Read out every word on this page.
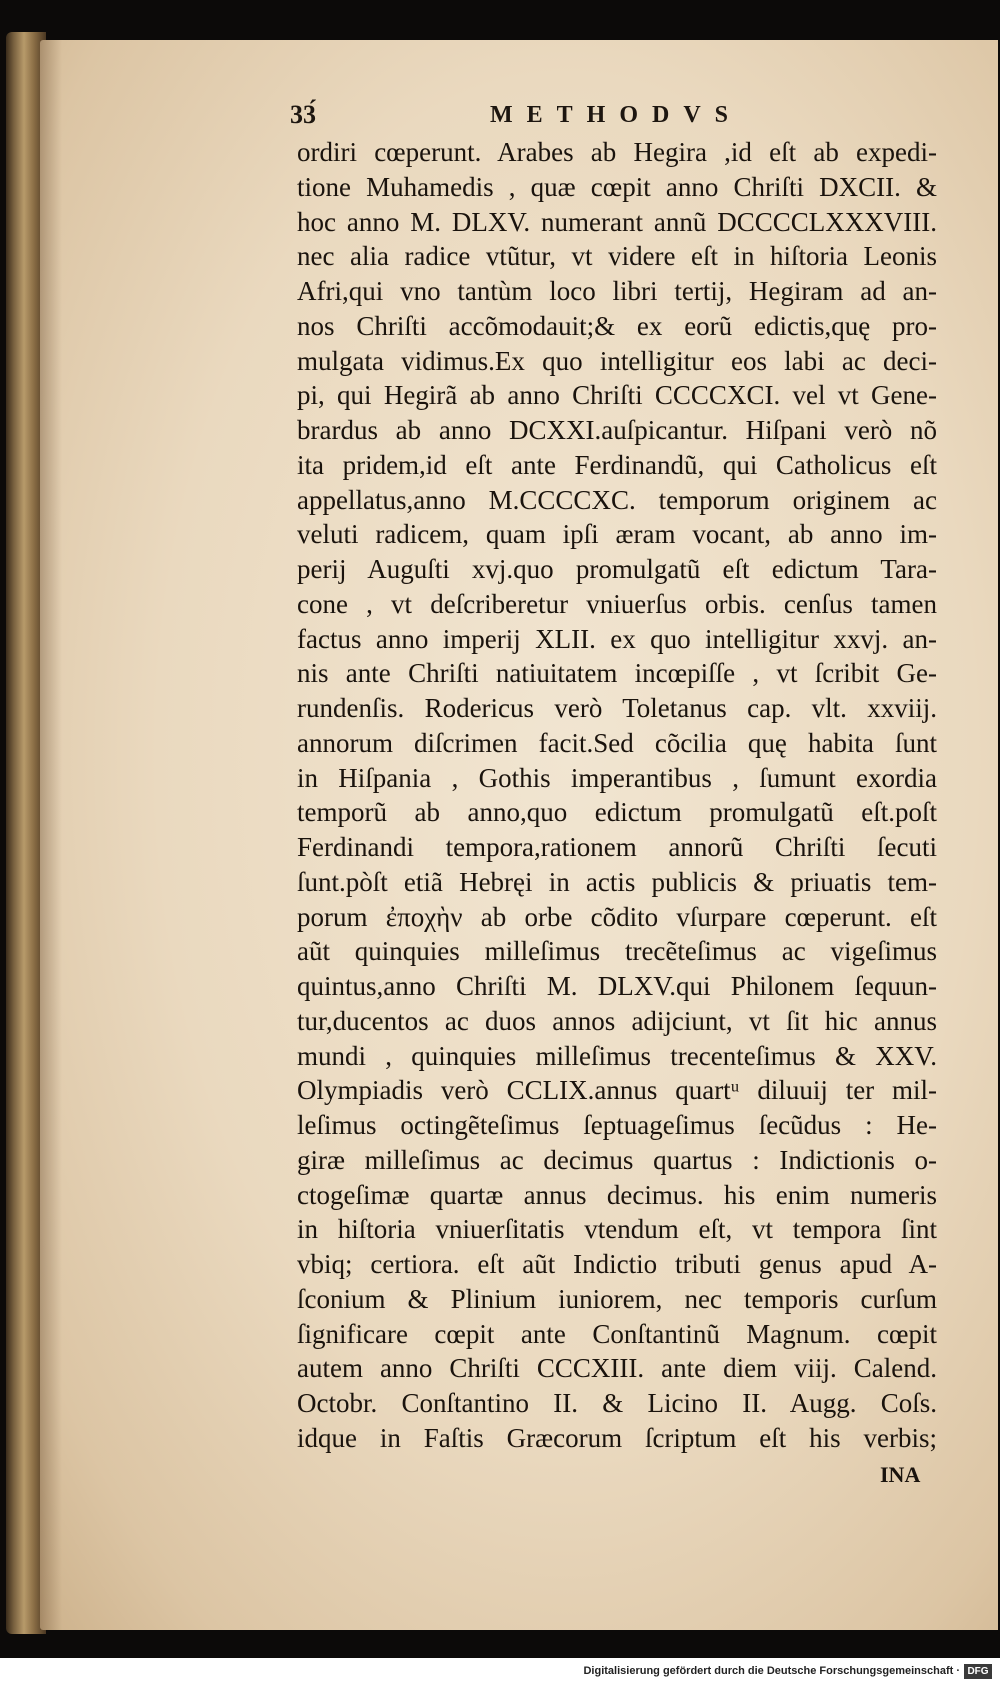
33́	METHODVS
ordiri cœperunt. Arabes ab Hegira ,id eſt ab expedi-
tione Muhamedis , quæ cœpit anno Chriſti DXCII. &
hoc anno M. DLXV. numerant annũ DCCCCLXXXVIII.
nec alia radice vtũtur, vt videre eſt in hiſtoria Leonis
Afri,qui vno tantùm loco libri tertij, Hegiram ad an-
nos Chriſti accõmodauit;& ex eorũ edictis,quę pro-
mulgata vidimus.Ex quo intelligitur eos labi ac deci-
pi, qui Hegirã ab anno Chriſti CCCCXCI. vel vt Gene-
brardus ab anno DCXXI.auſpicantur. Hiſpani verò nõ
ita pridem,id eſt ante Ferdinandũ, qui Catholicus eſt
appellatus,anno M.CCCCXC. temporum originem ac
veluti radicem, quam ipſi æram vocant, ab anno im-
perij Auguſti xvj.quo promulgatũ eſt edictum Tara-
cone , vt deſcriberetur vniuerſus orbis. cenſus tamen
factus anno imperij XLII. ex quo intelligitur xxvj. an-
nis ante Chriſti natiuitatem incœpiſſe , vt ſcribit Ge-
rundenſis. Rodericus verò Toletanus cap. vlt. xxviij.
annorum diſcrimen facit.Sed cõcilia quę habita ſunt
in Hiſpania , Gothis imperantibus , ſumunt exordia
temporũ ab anno,quo edictum promulgatũ eſt.poſt
Ferdinandi tempora,rationem annorũ Chriſti ſecuti
ſunt.pòſt etiã Hebręi in actis publicis & priuatis tem-
porum ἐποχὴν ab orbe cõdito vſurpare cœperunt. eſt
aũt quinquies milleſimus trecẽteſimus ac vigeſimus
quintus,anno Chriſti M. DLXV.qui Philonem ſequun-
tur,ducentos ac duos annos adijciunt, vt ſit hic annus
mundi , quinquies milleſimus trecenteſimus & XXV.
Olympiadis verò CCLIX.annus quartᵘ diluuij ter mil-
leſimus octingẽteſimus ſeptuageſimus ſecũdus : He-
giræ milleſimus ac decimus quartus : Indictionis o-
ctogeſimæ quartæ annus decimus. his enim numeris
in hiſtoria vniuerſitatis vtendum eſt, vt tempora ſint
vbiq; certiora. eſt aũt Indictio tributi genus apud A-
ſconium & Plinium iuniorem, nec temporis curſum
ſignificare cœpit ante Conſtantinũ Magnum. cœpit
autem anno Chriſti CCCXIII. ante diem viij. Calend.
Octobr. Conſtantino II. & Licino II. Augg. Coſs.
idque in Faſtis Græcorum ſcriptum eſt his verbis;
INA
Digitalisierung gefördert durch die Deutsche Forschungsgemeinschaft · DFG
